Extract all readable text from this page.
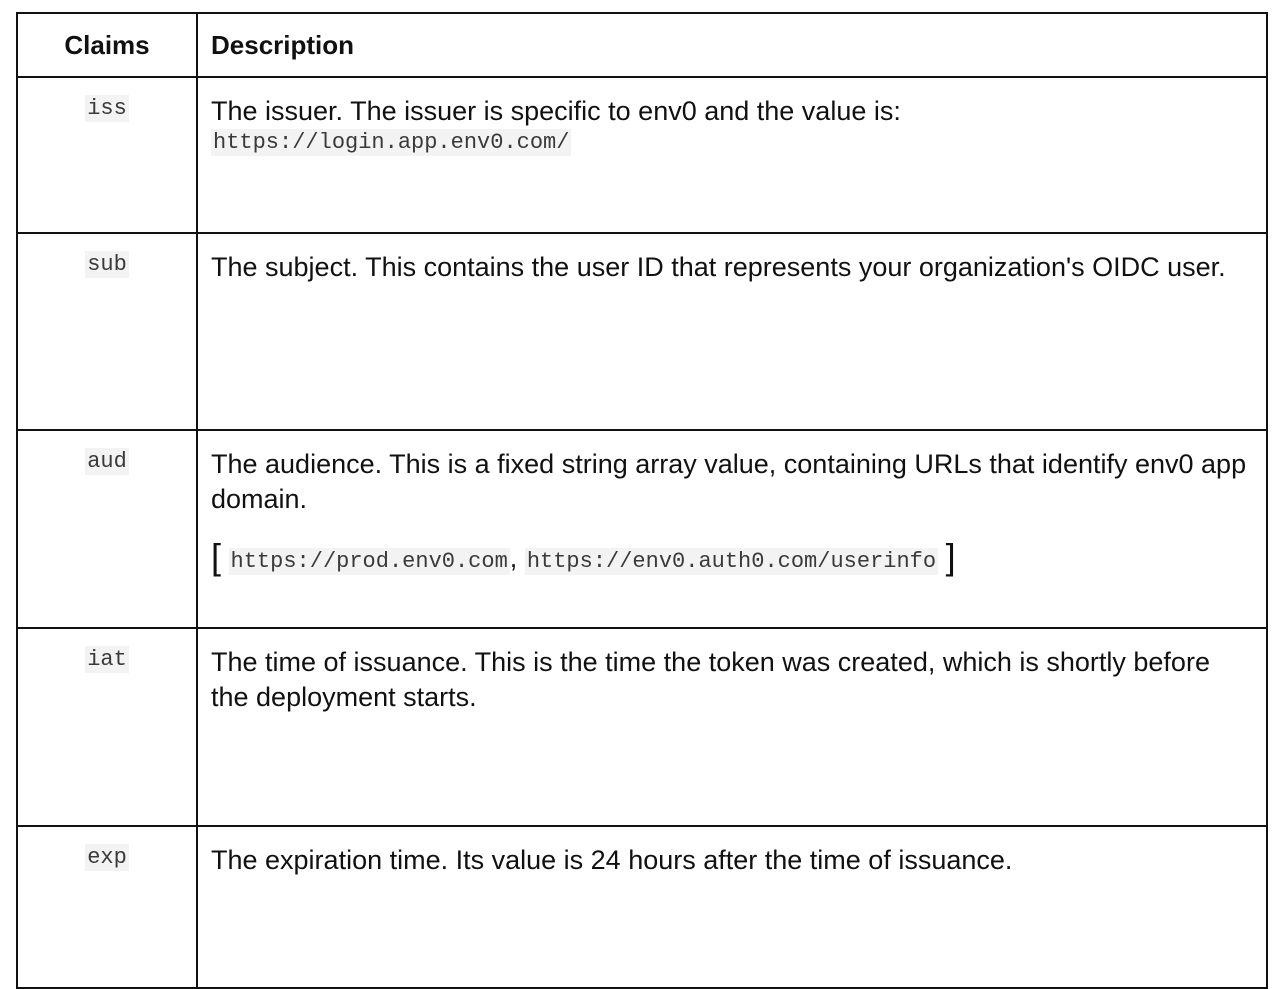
Claims	Description
iss	The issuer. The issuer is specific to env0 and the value is:
https://login.app.env0.com/

sub	The subject. This contains the user ID that represents your organization's OIDC user.

aud	The audience. This is a fixed string array value, containing URLs that identify env0 app domain.
[ https://prod.env0.com, https://env0.auth0.com/userinfo ]

iat	The time of issuance. This is the time the token was created, which is shortly before the deployment starts.

exp	The expiration time. Its value is 24 hours after the time of issuance.
